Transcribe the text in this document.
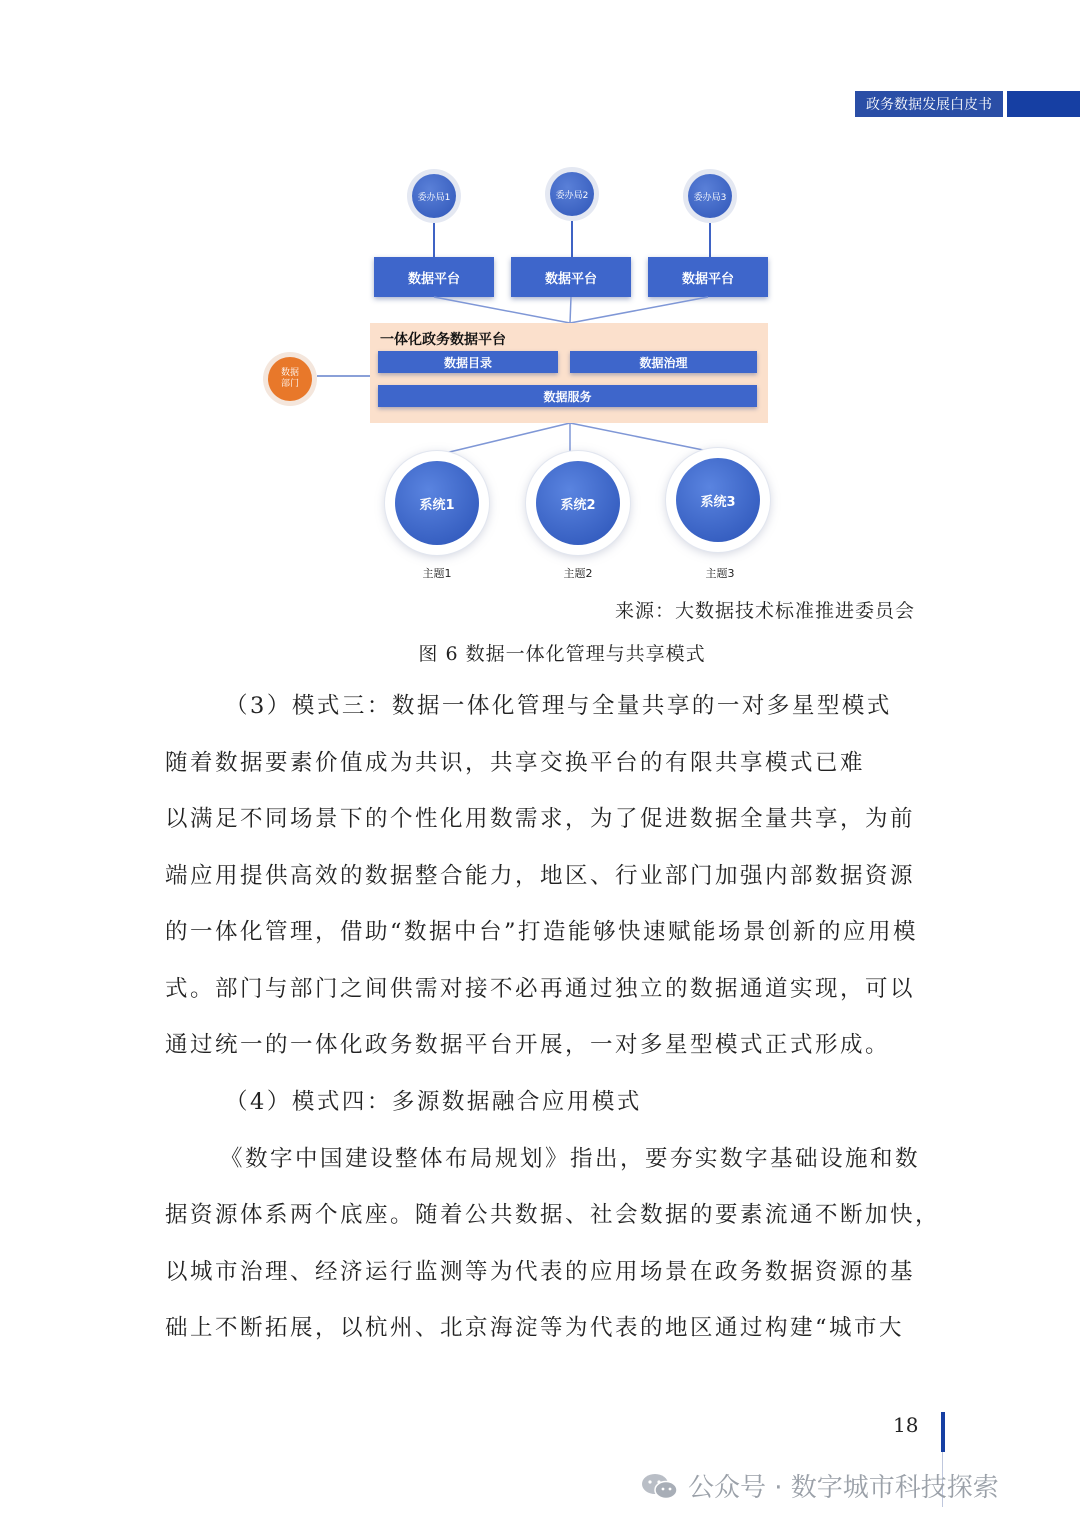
政务数据发展白皮书
委办局1	委办局2	委办局3
数据平台	数据平台	数据平台
一体化政务数据平台
数据目录	数据治理
数据服务
数据
部门
系统1	系统2	系统3
主题1	主题2	主题3
来源：大数据技术标准推进委员会
图 6 数据一体化管理与共享模式
（3）模式三：数据一体化管理与全量共享的一对多星型模式
随着数据要素价值成为共识，共享交换平台的有限共享模式已难
以满足不同场景下的个性化用数需求，为了促进数据全量共享，为前
端应用提供高效的数据整合能力，地区、行业部门加强内部数据资源
的一体化管理，借助“数据中台”打造能够快速赋能场景创新的应用模
式。部门与部门之间供需对接不必再通过独立的数据通道实现，可以
通过统一的一体化政务数据平台开展，一对多星型模式正式形成。
（4）模式四：多源数据融合应用模式
《数字中国建设整体布局规划》指出，要夯实数字基础设施和数
据资源体系两个底座。随着公共数据、社会数据的要素流通不断加快，
以城市治理、经济运行监测等为代表的应用场景在政务数据资源的基
础上不断拓展，以杭州、北京海淀等为代表的地区通过构建“城市大
18
公众号 · 数字城市科技探索
